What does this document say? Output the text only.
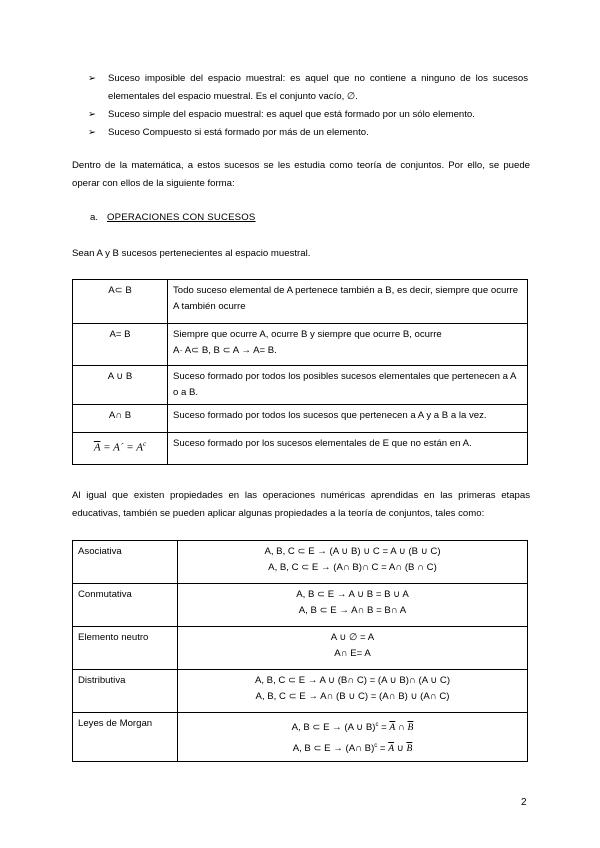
➢ Suceso imposible del espacio muestral: es aquel que no contiene a ninguno de los sucesos elementales del espacio muestral. Es el conjunto vacío, ∅.
➢ Suceso simple del espacio muestral: es aquel que está formado por un sólo elemento.
➢ Suceso Compuesto si está formado por más de un elemento.

Dentro de la matemática, a estos sucesos se les estudia como teoría de conjuntos. Por ello, se puede operar con ellos de la siguiente forma:

a. OPERACIONES CON SUCESOS
Sean A y B sucesos pertenecientes al espacio muestral.
A⊂ B	Todo suceso elemental de A pertenece también a B, es decir, siempre que ocurre A también ocurre

A= B	Siempre que ocurre A, ocurre B y siempre que ocurre B, ocurre
A· A⊂ B, B ⊂ A → A= B.

A ∪ B	Suceso formado por todos los posibles sucesos elementales que pertenecen a A o a B.

A∩ B	Suceso formado por todos los sucesos que pertenecen a A y a B a la vez.

$\overline{A}$ = A´ = $A^c$	Suceso formado por los sucesos elementales de E que no están en A.

Al igual que existen propiedades en las operaciones numéricas aprendidas en las primeras etapas educativas, también se pueden aplicar algunas propiedades a la teoría de conjuntos, tales como:

Asociativa	A, B, C ⊂ E → (A ∪ B) ∪ C = A ∪ (B ∪ C)
A, B, C ⊂ E → (A∩ B)∩ C = A∩ (B ∩ C)

Conmutativa	A, B ⊂ E → A ∪ B = B ∪ A
A, B ⊂ E → A∩ B = B∩ A

Elemento neutro	A ∪ ∅ = A
A∩ E= A

Distributiva	A, B, C ⊂ E → A ∪ (B∩ C) = (A ∪ B)∩ (A ∪ C)
A, B, C ⊂ E → A∩ (B ∪ C) = (A∩ B) ∪ (A∩ C)

Leyes de Morgan	A, B ⊂ E → (A ∪ $B)^c = \overline{A}$ ∩ $\overline{B}$
A, B ⊂ E → (A∩ $B)^c = \overline{A}$ ∪ $\overline{B}$
2
